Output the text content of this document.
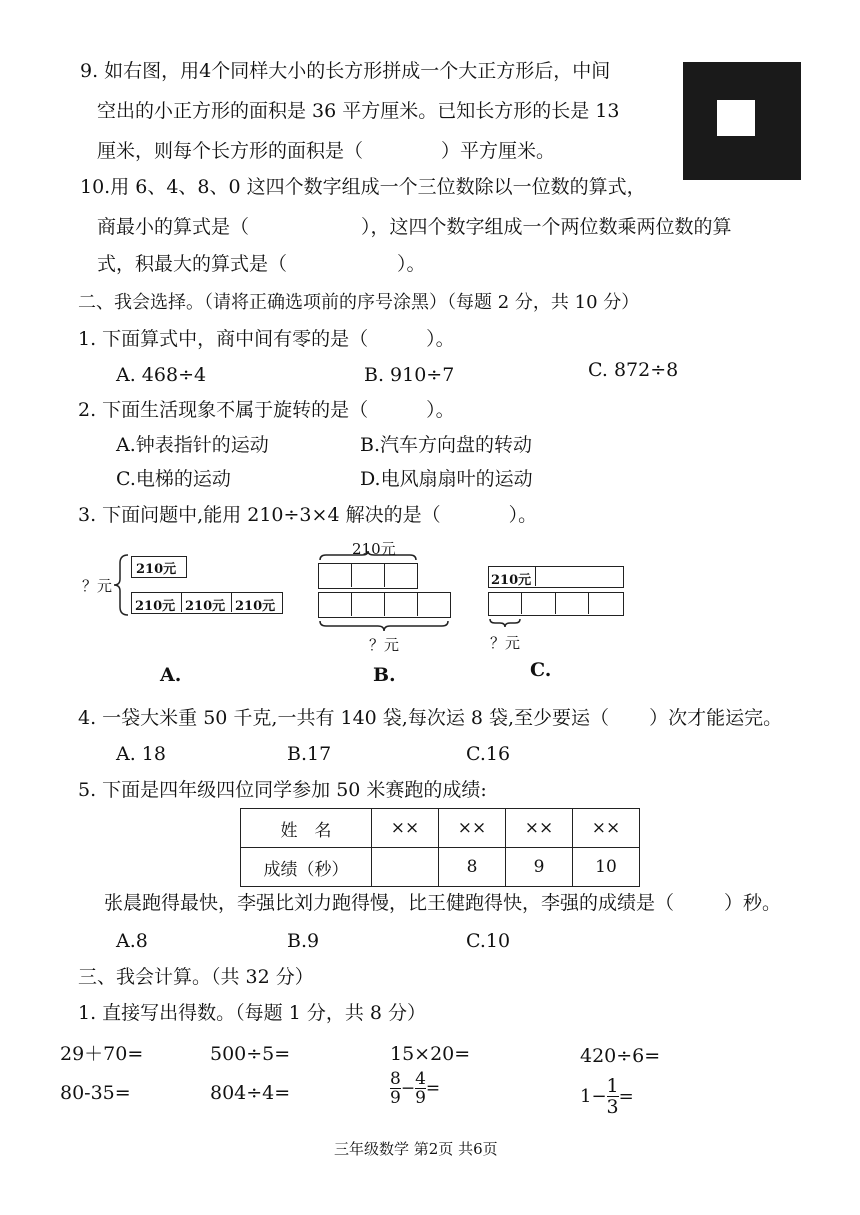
9. 如右图，用4个同样大小的长方形拼成一个大正方形后，中间
空出的小正方形的面积是 36 平方厘米。已知长方形的长是 13
厘米，则每个长方形的面积是（	）平方厘米。
10.用 6、4、8、0 这四个数字组成一个三位数除以一位数的算式，
商最小的算式是（	），这四个数字组成一个两位数乘两位数的算
式，积最大的算式是（	）。
二、我会选择。（请将正确选项前的序号涂黑）（每题 2 分，共 10 分）
1. 下面算式中，商中间有零的是（	）。
A. 468÷4	B. 910÷7	C. 872÷8
2. 下面生活现象不属于旋转的是（	）。
A.钟表指针的运动	B.汽车方向盘的转动
C.电梯的运动	D.电风扇扇叶的运动
3. 下面问题中,能用 210÷3×4 解决的是（	）。
？元
210元
210元 210元 210元
A.
210元
？元
B.
210元
？元
C.
4. 一袋大米重 50 千克,一共有 140 袋,每次运 8 袋,至少要运（ ）次才能运完。
A. 18	B.17	C.16
5. 下面是四年级四位同学参加 50 米赛跑的成绩:
姓　名	××	××	××	××
成绩（秒）		8	9	10
张晨跑得最快，李强比刘力跑得慢，比王健跑得快，李强的成绩是（	）秒。
A.8	B.9	C.10
三、我会计算。（共 32 分）
1. 直接写出得数。（每题 1 分，共 8 分）
29＋70=	500÷5=	15×20=	420÷6=
80-35=	804÷4=	$\frac{8}{9} - \frac{4}{9}$ =	$1- \frac{1}{3}$ =
三年级数学 第2页 共6页
